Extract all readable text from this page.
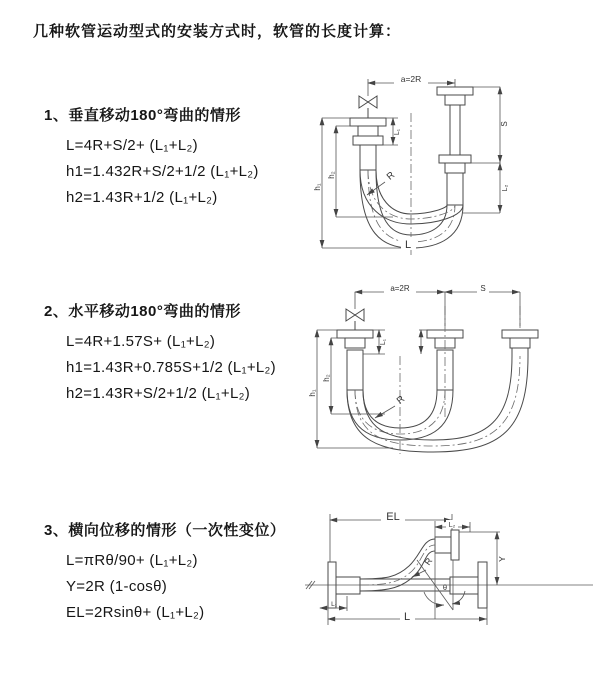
几种软管运动型式的安装方式时，软管的长度计算：
1、垂直移动180°弯曲的情形
L=4R+S/2+ (L₁+L₂)
h1=1.432R+S/2+1/2 (L₁+L₂)
h2=1.43R+1/2 (L₁+L₂)
2、水平移动180°弯曲的情形
L=4R+1.57S+ (L₁+L₂)
h1=1.43R+0.785S+1/2 (L₁+L₂)
h2=1.43R+S/2+1/2 (L₁+L₂)
3、横向位移的情形（一次性变位）
L=πRθ/90+ (L₁+L₂)
Y=2R (1-cosθ)
EL=2Rsinθ+ (L₁+L₂)
a=2R
h₁
h₂
L₁
S
L₂
R
L
a=2R	S
h₁
h₂
L₁
R
EL
L₂
Y
L
L₁
θ
R
